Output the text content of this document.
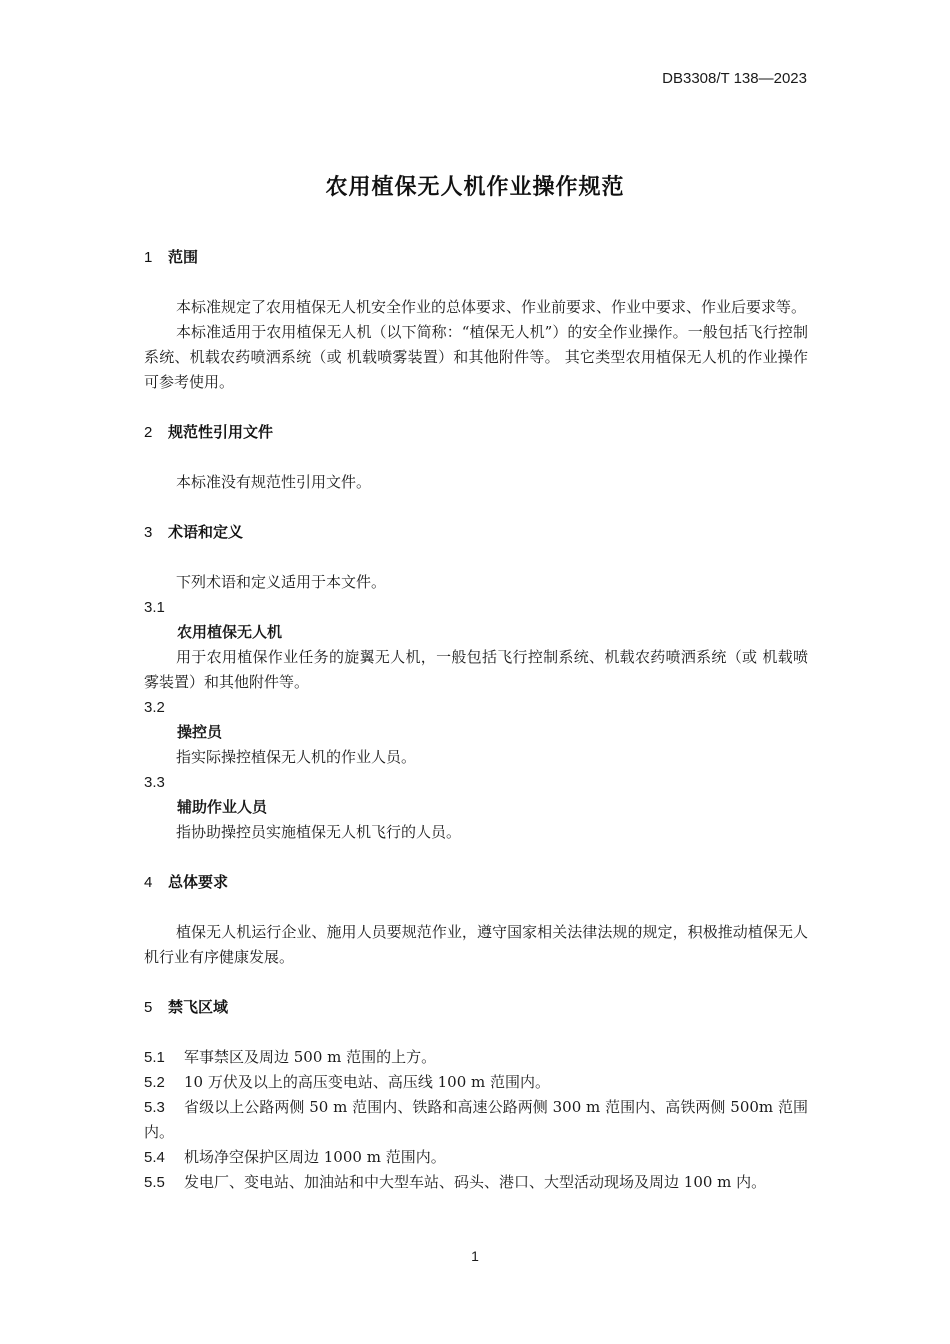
DB3308/T 138—2023
农用植保无人机作业操作规范

1 范围

本标准规定了农用植保无人机安全作业的总体要求、作业前要求、作业中要求、作业后要求等。

本标准适用于农用植保无人机（以下简称：“植保无人机”）的安全作业操作。一般包括飞行控制系统、机载农药喷洒系统（或 机载喷雾装置）和其他附件等。 其它类型农用植保无人机的作业操作可参考使用。

2 规范性引用文件

本标准没有规范性引用文件。

3 术语和定义

下列术语和定义适用于本文件。

3.1

农用植保无人机

用于农用植保作业任务的旋翼无人机，一般包括飞行控制系统、机载农药喷洒系统（或 机载喷雾装置）和其他附件等。

3.2

操控员

指实际操控植保无人机的作业人员。

3.3

辅助作业人员

指协助操控员实施植保无人机飞行的人员。

4 总体要求

植保无人机运行企业、施用人员要规范作业，遵守国家相关法律法规的规定，积极推动植保无人机行业有序健康发展。

5 禁飞区域

5.1 军事禁区及周边 500 m 范围的上方。

5.2 10 万伏及以上的高压变电站、高压线 100 m 范围内。

5.3 省级以上公路两侧 50 m 范围内、铁路和高速公路两侧 300 m 范围内、高铁两侧 500m 范围内。

5.4 机场净空保护区周边 1000 m 范围内。

5.5 发电厂、变电站、加油站和中大型车站、码头、港口、大型活动现场及周边 100 m 内。

1
